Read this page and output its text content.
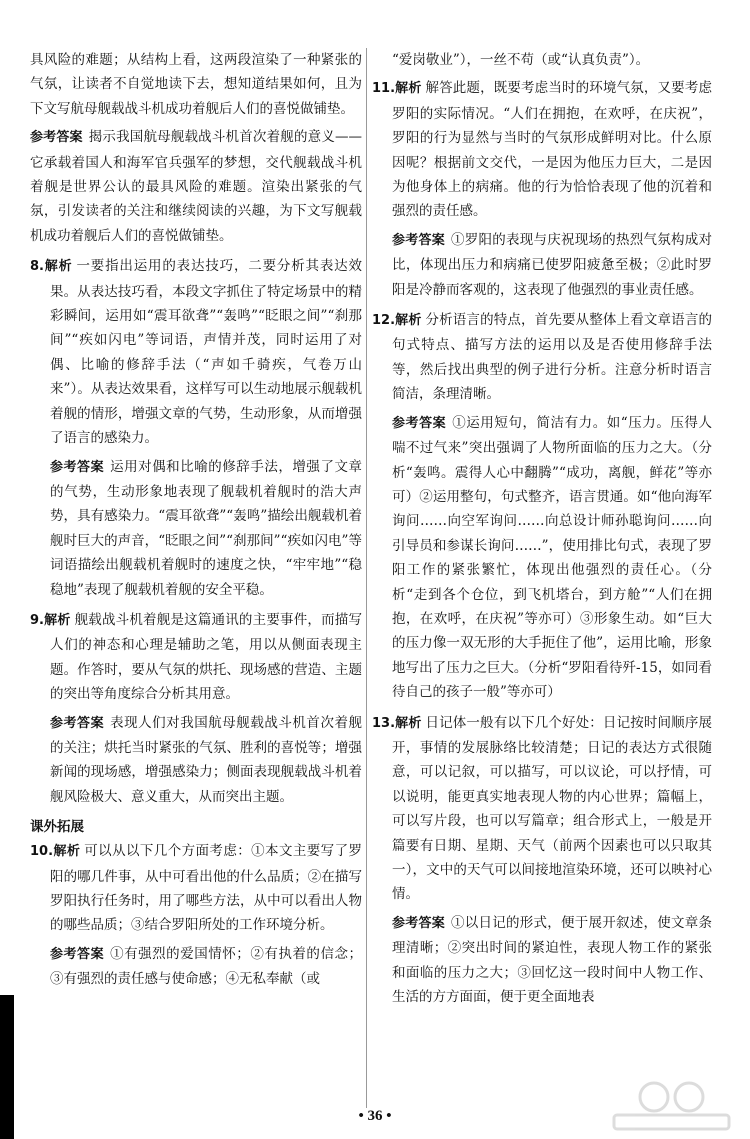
具风险的难题；从结构上看，这两段渲染了一种紧张的气氛，让读者不自觉地读下去，想知道结果如何，且为下文写航母舰载战斗机成功着舰后人们的喜悦做铺垫。

参考答案 揭示我国航母舰载战斗机首次着舰的意义——它承载着国人和海军官兵强军的梦想，交代舰载战斗机着舰是世界公认的最具风险的难题。渲染出紧张的气氛，引发读者的关注和继续阅读的兴趣，为下文写舰载机成功着舰后人们的喜悦做铺垫。

8.解析 一要指出运用的表达技巧，二要分析其表达效果。从表达技巧看，本段文字抓住了特定场景中的精彩瞬间，运用如“震耳欲聋”“轰鸣”“眨眼之间”“刹那间”“疾如闪电”等词语，声情并茂，同时运用了对偶、比喻的修辞手法（“声如千骑疾，气卷万山来”）。从表达效果看，这样写可以生动地展示舰载机着舰的情形，增强文章的气势，生动形象，从而增强了语言的感染力。

参考答案 运用对偶和比喻的修辞手法，增强了文章的气势，生动形象地表现了舰载机着舰时的浩大声势，具有感染力。“震耳欲聋”“轰鸣”描绘出舰载机着舰时巨大的声音，“眨眼之间”“刹那间”“疾如闪电”等词语描绘出舰载机着舰时的速度之快，“牢牢地”“稳稳地”表现了舰载机着舰的安全平稳。

9.解析 舰载战斗机着舰是这篇通讯的主要事件，而描写人们的神态和心理是辅助之笔，用以从侧面表现主题。作答时，要从气氛的烘托、现场感的营造、主题的突出等角度综合分析其用意。

参考答案 表现人们对我国航母舰载战斗机首次着舰的关注；烘托当时紧张的气氛、胜利的喜悦等；增强新闻的现场感，增强感染力；侧面表现舰载战斗机着舰风险极大、意义重大，从而突出主题。

课外拓展

10.解析 可以从以下几个方面考虑：①本文主要写了罗阳的哪几件事，从中可看出他的什么品质；②在描写罗阳执行任务时，用了哪些方法，从中可以看出人物的哪些品质；③结合罗阳所处的工作环境分析。

参考答案 ①有强烈的爱国情怀；②有执着的信念；③有强烈的责任感与使命感；④无私奉献（或

“爱岗敬业”），一丝不苟（或“认真负责”）。

11.解析 解答此题，既要考虑当时的环境气氛，又要考虑罗阳的实际情况。“人们在拥抱，在欢呼，在庆祝”，罗阳的行为显然与当时的气氛形成鲜明对比。什么原因呢？根据前文交代，一是因为他压力巨大，二是因为他身体上的病痛。他的行为恰恰表现了他的沉着和强烈的责任感。

参考答案 ①罗阳的表现与庆祝现场的热烈气氛构成对比，体现出压力和病痛已使罗阳疲惫至极；②此时罗阳是冷静而客观的，这表现了他强烈的事业责任感。

12.解析 分析语言的特点，首先要从整体上看文章语言的句式特点、描写方法的运用以及是否使用修辞手法等，然后找出典型的例子进行分析。注意分析时语言简洁，条理清晰。

参考答案 ①运用短句，简洁有力。如“压力。压得人喘不过气来”突出强调了人物所面临的压力之大。（分析“轰鸣。震得人心中翻腾”“成功，离舰，鲜花”等亦可）②运用整句，句式整齐，语言贯通。如“他向海军询问……向空军询问……向总设计师孙聪询问……向引导员和参谋长询问……”，使用排比句式，表现了罗阳工作的紧张繁忙，体现出他强烈的责任心。（分析“走到各个仓位，到飞机塔台，到方舱”“人们在拥抱，在欢呼，在庆祝”等亦可）③形象生动。如“巨大的压力像一双无形的大手扼住了他”，运用比喻，形象地写出了压力之巨大。（分析“罗阳看待歼-15，如同看待自己的孩子一般”等亦可）

13.解析 日记体一般有以下几个好处：日记按时间顺序展开，事情的发展脉络比较清楚；日记的表达方式很随意，可以记叙，可以描写，可以议论，可以抒情，可以说明，能更真实地表现人物的内心世界；篇幅上，可以写片段，也可以写篇章；组合形式上，一般是开篇要有日期、星期、天气（前两个因素也可以只取其一），文中的天气可以间接地渲染环境，还可以映衬心情。

参考答案 ①以日记的形式，便于展开叙述，使文章条理清晰；②突出时间的紧迫性，表现人物工作的紧张和面临的压力之大；③回忆这一段时间中人物工作、生活的方方面面，便于更全面地表

• 36 •
